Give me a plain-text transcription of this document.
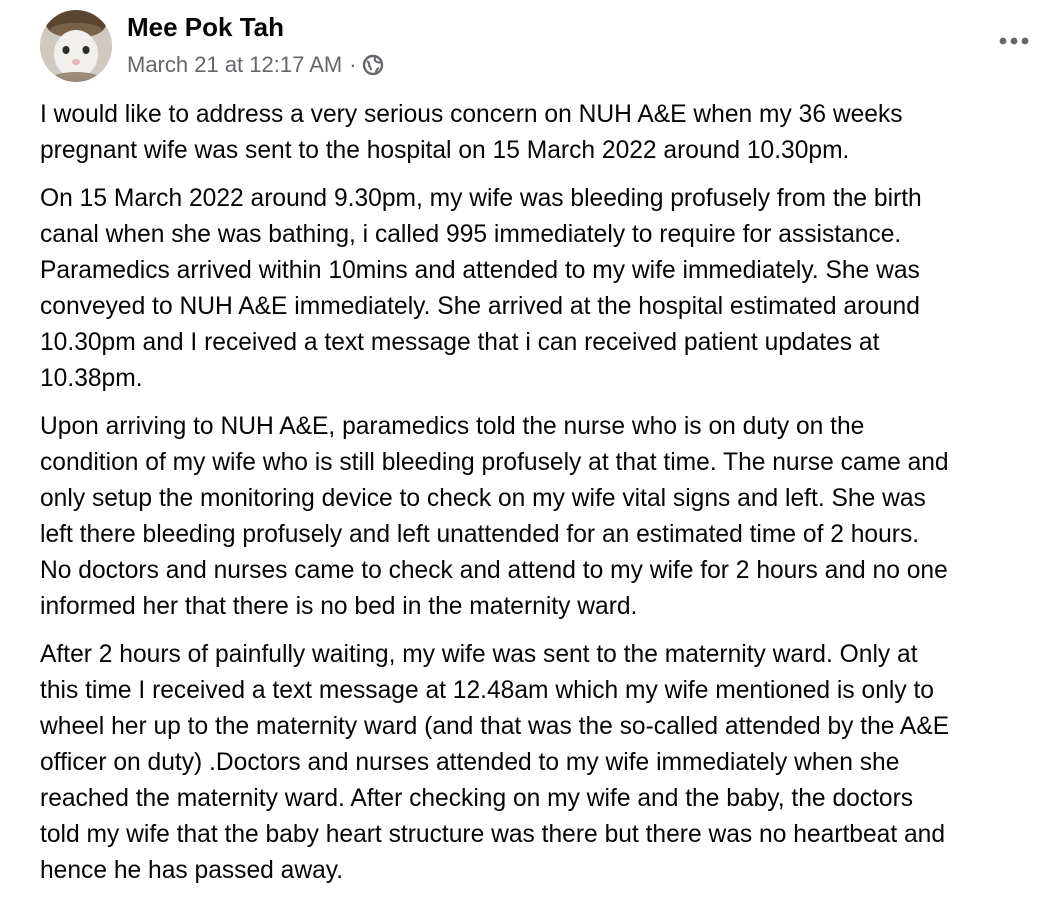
Mee Pok Tah
March 21 at 12:17 AM ·

I would like to address a very serious concern on NUH A&E when my 36 weeks
pregnant wife was sent to the hospital on 15 March 2022 around 10.30pm.

On 15 March 2022 around 9.30pm, my wife was bleeding profusely from the birth
canal when she was bathing, i called 995 immediately to require for assistance.
Paramedics arrived within 10mins and attended to my wife immediately. She was
conveyed to NUH A&E immediately. She arrived at the hospital estimated around
10.30pm and I received a text message that i can received patient updates at
10.38pm.

Upon arriving to NUH A&E, paramedics told the nurse who is on duty on the
condition of my wife who is still bleeding profusely at that time. The nurse came and
only setup the monitoring device to check on my wife vital signs and left. She was
left there bleeding profusely and left unattended for an estimated time of 2 hours.
No doctors and nurses came to check and attend to my wife for 2 hours and no one
informed her that there is no bed in the maternity ward.

After 2 hours of painfully waiting, my wife was sent to the maternity ward. Only at
this time I received a text message at 12.48am which my wife mentioned is only to
wheel her up to the maternity ward (and that was the so-called attended by the A&E
officer on duty) .Doctors and nurses attended to my wife immediately when she
reached the maternity ward. After checking on my wife and the baby, the doctors
told my wife that the baby heart structure was there but there was no heartbeat and
hence he has passed away.
